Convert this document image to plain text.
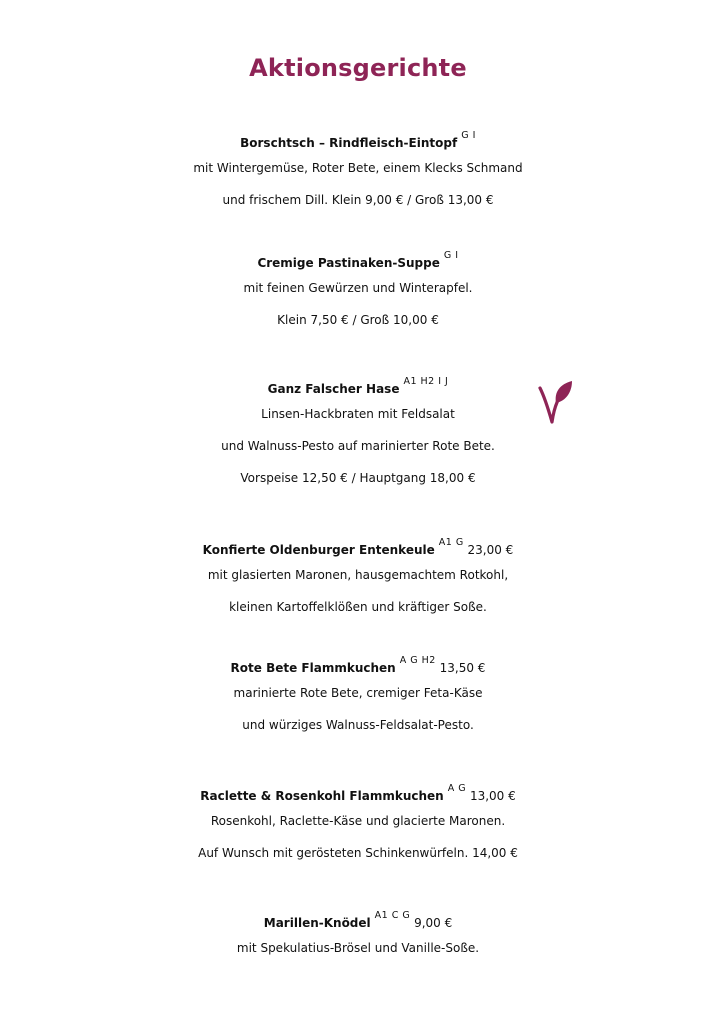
Aktionsgerichte
Borschtsch – Rindfleisch-Eintopf$^{G I}$
mit Wintergemüse, Roter Bete, einem Klecks Schmand
und frischem Dill. Klein 9,00 € / Groß 13,00 €
Cremige Pastinaken-Suppe$^{G I}$
mit feinen Gewürzen und Winterapfel.
Klein 7,50 € / Groß 10,00 €
Ganz Falscher Hase$^{A1 H2 I J}$
Linsen-Hackbraten mit Feldsalat
und Walnuss-Pesto auf marinierter Rote Bete.
Vorspeise 12,50 € / Hauptgang 18,00 €
Konfierte Oldenburger Entenkeule$^{A1 G}$ 23,00 €
mit glasierten Maronen, hausgemachtem Rotkohl,
kleinen Kartoffelklößen und kräftiger Soße.
Rote Bete Flammkuchen$^{A G H2}$ 13,50 €
marinierte Rote Bete, cremiger Feta-Käse
und würziges Walnuss-Feldsalat-Pesto.
Raclette & Rosenkohl Flammkuchen$^{A G}$ 13,00 €
Rosenkohl, Raclette-Käse und glacierte Maronen.
Auf Wunsch mit gerösteten Schinkenwürfeln. 14,00 €
Marillen-Knödel$^{A1 C G}$ 9,00 €
mit Spekulatius-Brösel und Vanille-Soße.
